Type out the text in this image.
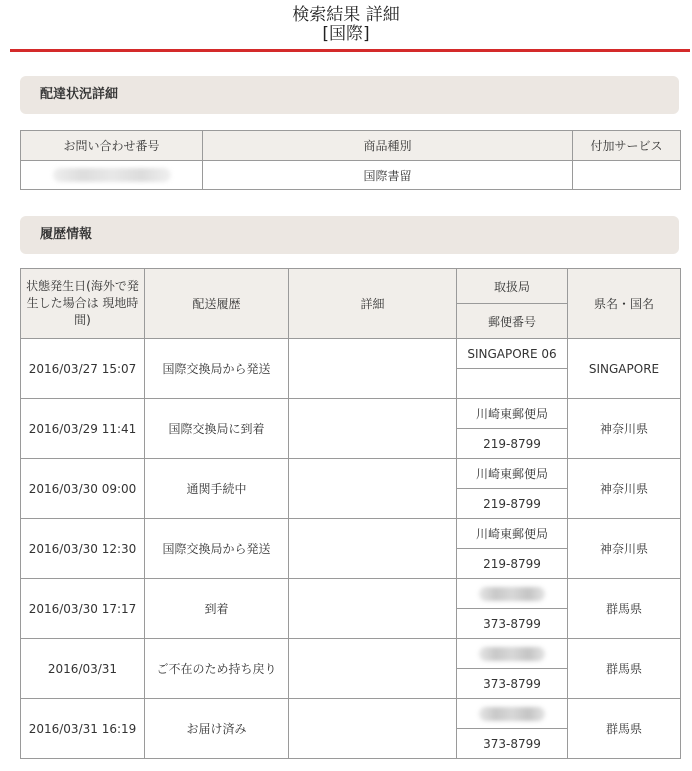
検索結果 詳細
[国際]
配達状況詳細
お問い合わせ番号	商品種別	付加サービス
	国際書留	
履歴情報
状態発生日(海外で発生した場合は 現地時間)	配送履歴	詳細	取扱局	県名・国名
			郵便番号	
2016/03/27 15:07	国際交換局から発送		SINGAPORE 06	SINGAPORE

2016/03/29 11:41	国際交換局に到着		川崎東郵便局	神奈川県
			219-8799	
2016/03/30 09:00	通関手続中		川崎東郵便局	神奈川県
			219-8799	
2016/03/30 12:30	国際交換局から発送		川崎東郵便局	神奈川県
			219-8799	
2016/03/30 17:17	到着			群馬県
			373-8799	
2016/03/31	ご不在のため持ち戻り			群馬県
			373-8799	
2016/03/31 16:19	お届け済み			群馬県
			373-8799	
